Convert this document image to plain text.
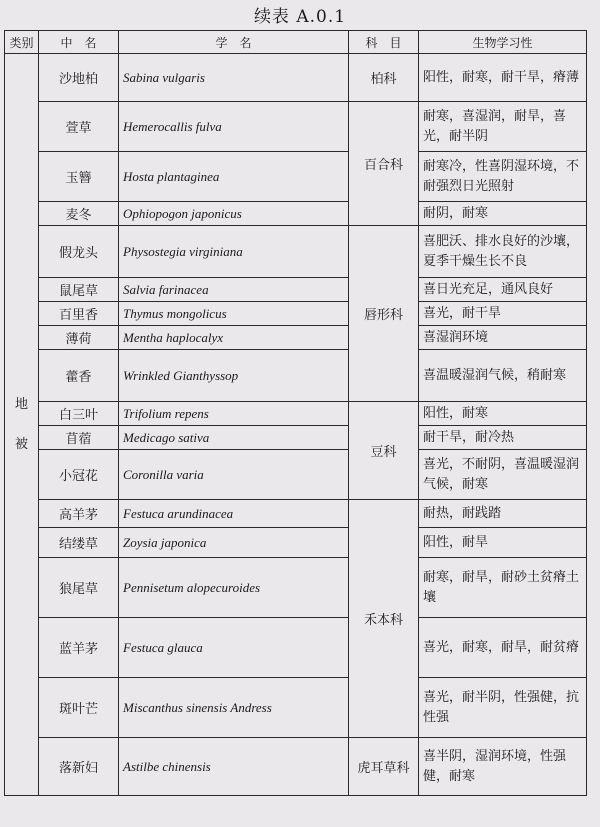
续表 A.0.1
类别	中　名	学　名	科　目	生物学习性
地
被	沙地柏	Sabina vulgaris	柏科	阳性，耐寒，耐干旱，瘠薄
	萱草	Hemerocallis fulva	百合科	耐寒，喜湿润，耐旱，喜光，耐半阴
	玉簪	Hosta plantaginea		耐寒冷，性喜阴湿环境，不耐强烈日光照射
	麦冬	Ophiopogon japonicus		耐阴，耐寒
	假龙头	Physostegia virginiana	唇形科	喜肥沃、排水良好的沙壤，夏季干燥生长不良
	鼠尾草	Salvia farinacea		喜日光充足，通风良好
	百里香	Thymus mongolicus		喜光，耐干旱
	薄荷	Mentha haplocalyx		喜湿润环境
	藿香	Wrinkled Gianthyssop		喜温暖湿润气候，稍耐寒
	白三叶	Trifolium repens	豆科	阳性，耐寒
	苜蓿	Medicago sativa		耐干旱，耐冷热
	小冠花	Coronilla varia		喜光，不耐阴，喜温暖湿润气候，耐寒
	高羊茅	Festuca arundinacea	禾本科	耐热，耐践踏
	结缕草	Zoysia japonica		阳性，耐旱
	狼尾草	Pennisetum alopecuroides		耐寒，耐旱，耐砂土贫瘠土壤
	蓝羊茅	Festuca glauca		喜光，耐寒，耐旱，耐贫瘠
	斑叶芒	Miscanthus sinensis Andress		喜光，耐半阴，性强健，抗性强
	落新妇	Astilbe chinensis	虎耳草科	喜半阴，湿润环境，性强健，耐寒
